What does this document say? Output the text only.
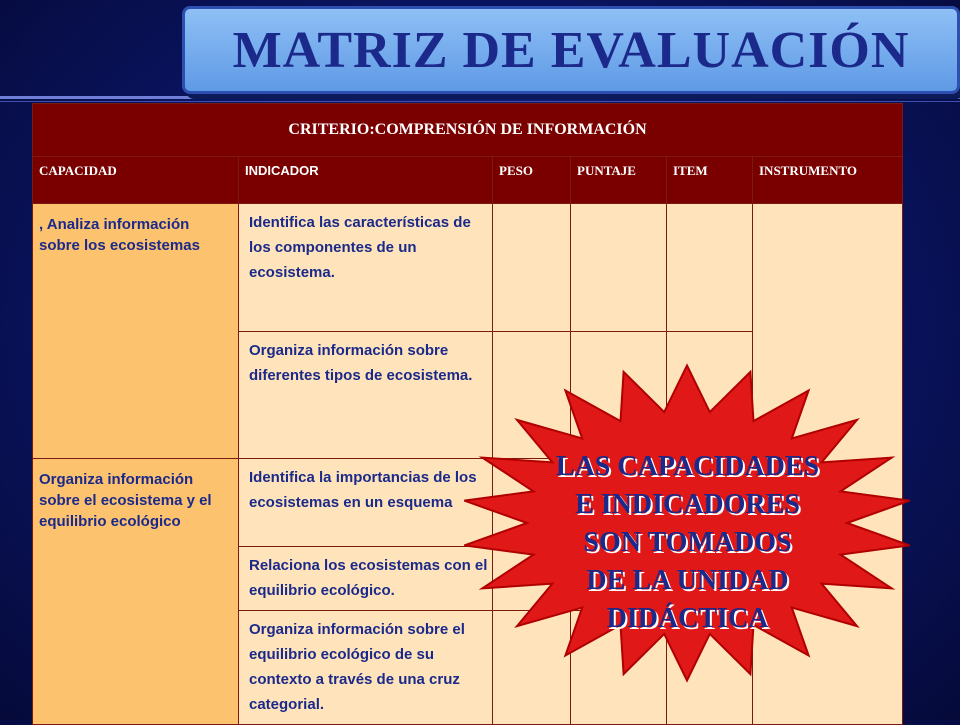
MATRIZ DE EVALUACIÓN
CRITERIO:COMPRENSIÓN DE INFORMACIÓN					
CAPACIDAD	INDICADOR	PESO	PUNTAJE	ITEM	INSTRUMENTO
, Analiza información sobre los ecosistemas	Identifica las características de los componentes de un ecosistema.				
	Organiza información sobre diferentes tipos de ecosistema.				
Organiza información sobre el ecosistema y el equilibrio ecológico	Identifica la importancias de los ecosistemas en un esquema				
	Relaciona los ecosistemas con el equilibrio ecológico.				
	Organiza información sobre el equilibrio ecológico de su contexto a través de una cruz categorial.				
LAS CAPACIDADES
E INDICADORES
SON TOMADOS
DE LA UNIDAD
DIDÁCTICA
